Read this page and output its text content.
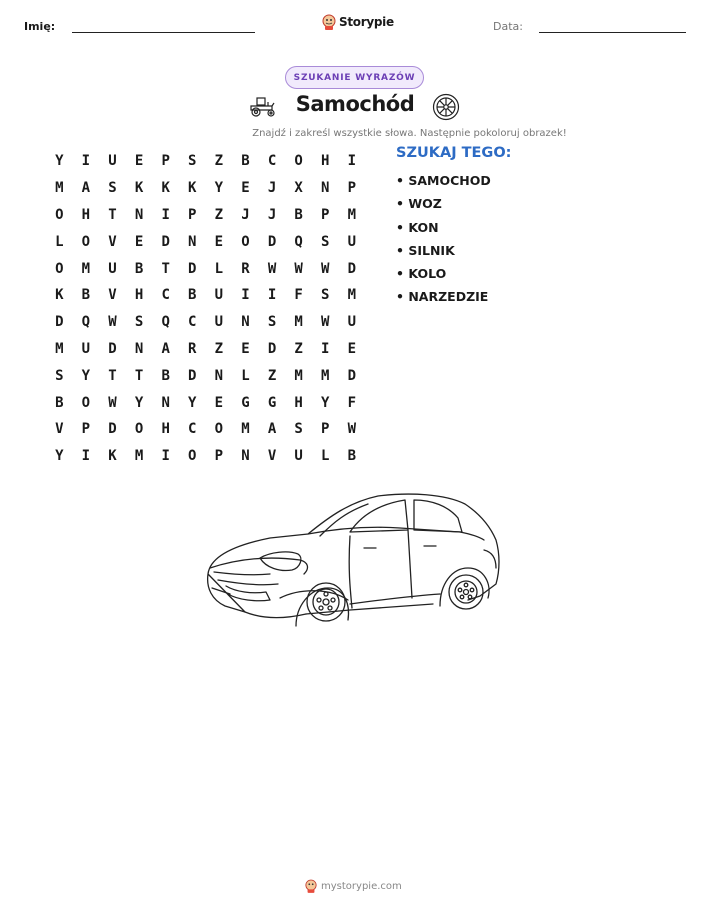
Imię:	Storypie	Data:
SZUKANIE WYRAZÓW
Samochód
Znajdź i zakreśl wszystkie słowa. Następnie pokoloruj obrazek!
Y	I	U	E	P	S	Z	B	C	O	H	I
M	A	S	K	K	K	Y	E	J	X	N	P
O	H	T	N	I	P	Z	J	J	B	P	M
L	O	V	E	D	N	E	O	D	Q	S	U
O	M	U	B	T	D	L	R	W	W	W	D
K	B	V	H	C	B	U	I	I	F	S	M
D	Q	W	S	Q	C	U	N	S	M	W	U
M	U	D	N	A	R	Z	E	D	Z	I	E
S	Y	T	T	B	D	N	L	Z	M	M	D
B	O	W	Y	N	Y	E	G	G	H	Y	F
V	P	D	O	H	C	O	M	A	S	P	W
Y	I	K	M	I	O	P	N	V	U	L	B
SZUKAJ TEGO:
• SAMOCHOD
• WOZ
• KON
• SILNIK
• KOLO
• NARZEDZIE
mystorypie.com
